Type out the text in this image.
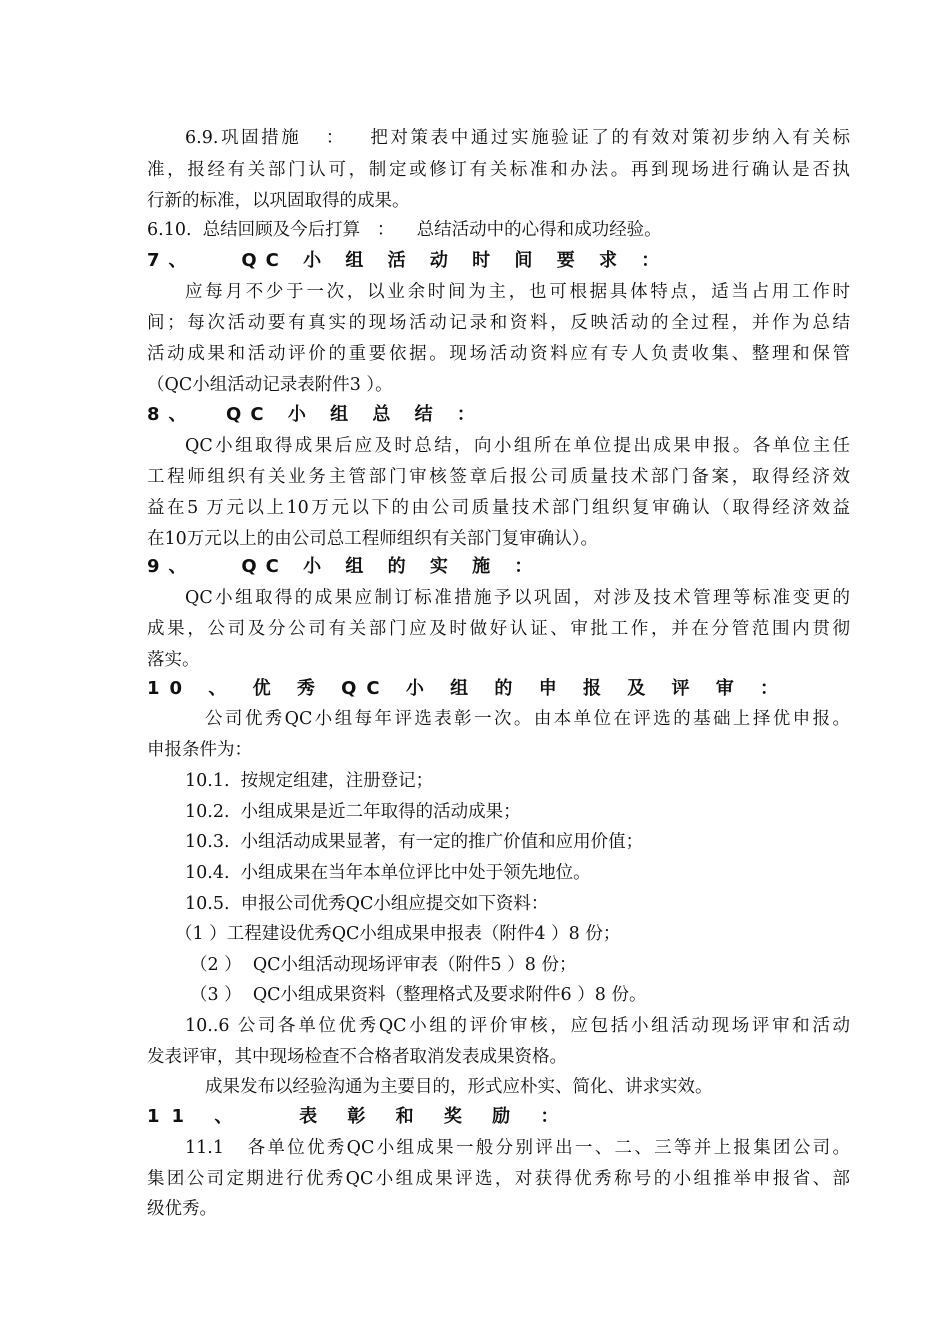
6.9.巩固措施   ：   把对策表中通过实施验证了的有效对策初步纳入有关标
准，报经有关部门认可，制定或修订有关标准和办法。再到现场进行确认是否执
行新的标准，以巩固取得的成果。
6.10.  总结回顾及今后打算   ：    总结活动中的心得和成功经验。
7、   QC 小 组 活 动 时 间 要 求 ：
应每月不少于一次，以业余时间为主，也可根据具体特点，适当占用工作时
间；每次活动要有真实的现场活动记录和资料，反映活动的全过程，并作为总结
活动成果和活动评价的重要依据。现场活动资料应有专人负责收集、整理和保管
（QC小组活动记录表附件3 ）。
8、  QC 小 组 总 结 ：
QC小组取得成果后应及时总结，向小组所在单位提出成果申报。各单位主任
工程师组织有关业务主管部门审核签章后报公司质量技术部门备案，取得经济效
益在5 万元以上10万元以下的由公司质量技术部门组织复审确认（取得经济效益
在10万元以上的由公司总工程师组织有关部门复审确认）。
9、   QC 小 组 的 实 施 ：
QC小组取得的成果应制订标准措施予以巩固，对涉及技术管理等标准变更的
成果，公司及分公司有关部门应及时做好认证、审批工作，并在分管范围内贯彻
落实。
10 、 优 秀 QC 小 组 的 申 报 及 评 审 ：
公司优秀QC小组每年评选表彰一次。由本单位在评选的基础上择优申报。
申报条件为：
10.1.  按规定组建，注册登记；
10.2.  小组成果是近二年取得的活动成果；
10.3.  小组活动成果显著，有一定的推广价值和应用价值；
10.4.  小组成果在当年本单位评比中处于领先地位。
10.5.  申报公司优秀QC小组应提交如下资料：
（1 ）工程建设优秀QC小组成果申报表（附件4 ）8 份；
（2 ）  QC小组活动现场评审表（附件5 ）8 份；
（3 ）  QC小组成果资料（整理格式及要求附件6 ）8 份。
10..6 公司各单位优秀QC小组的评价审核，应包括小组活动现场评审和活动
发表评审，其中现场检查不合格者取消发表成果资格。
成果发布以经验沟通为主要目的，形式应朴实、简化、讲求实效。
11 、   表 彰 和 奖 励 ：
11.1   各单位优秀QC小组成果一般分别评出一、二、三等并上报集团公司。
集团公司定期进行优秀QC小组成果评选，对获得优秀称号的小组推举申报省、部
级优秀。
